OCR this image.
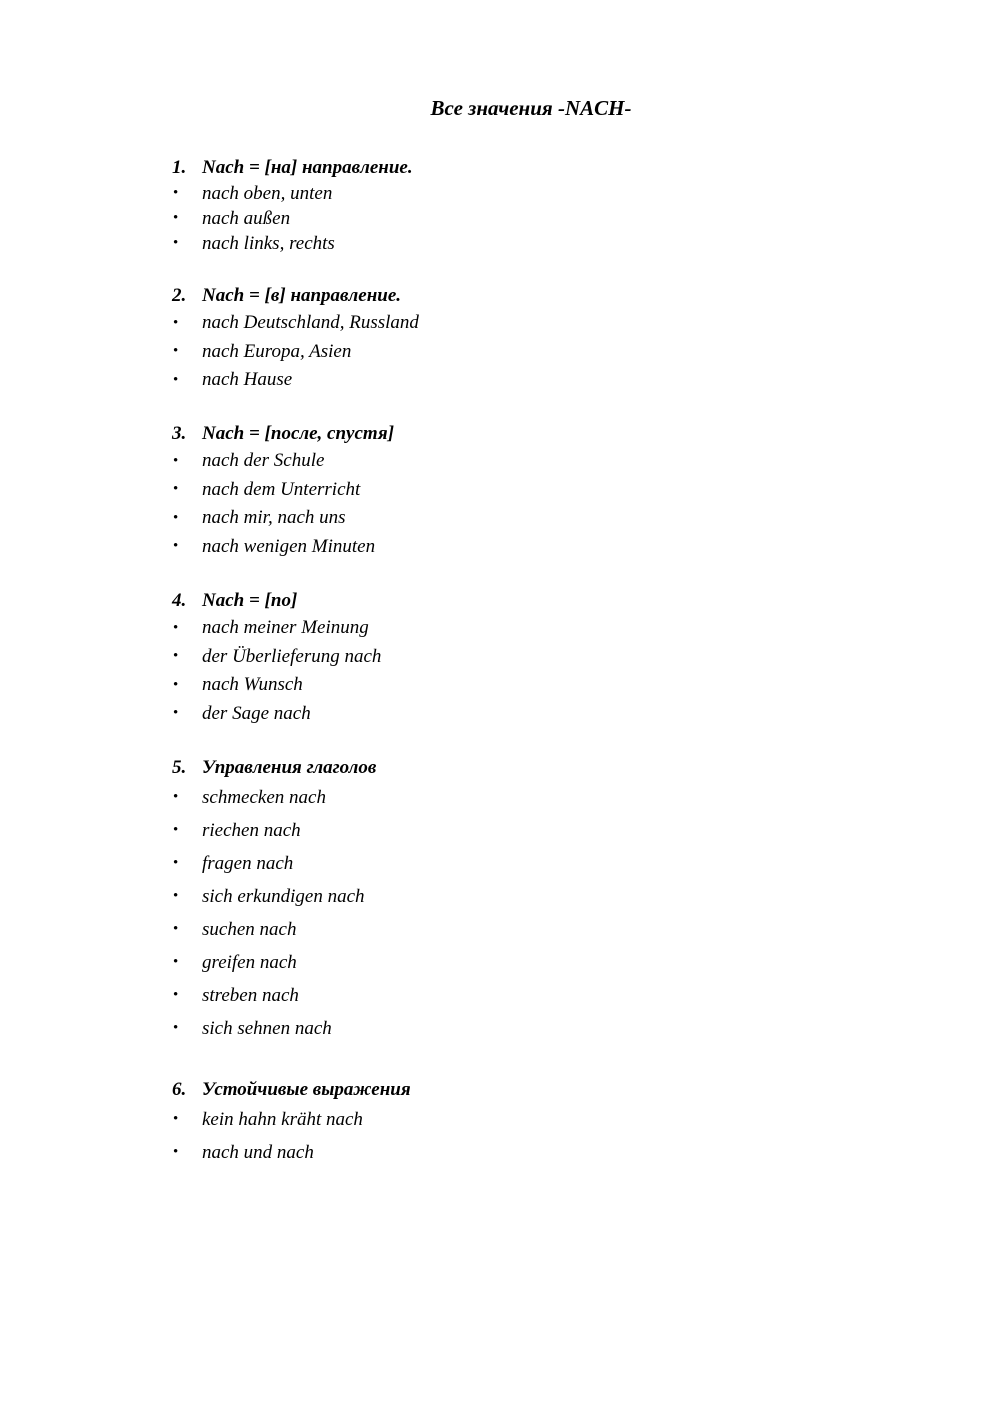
Все значения -NACH-
1. Nach = [на] направление.
•	nach oben, unten
•	nach außen
•	nach links, rechts
2. Nach = [в] направление.
•	nach Deutschland, Russland
•	nach Europa, Asien
•	nach Hause
3. Nach = [после, спустя]
•	nach der Schule
•	nach dem Unterricht
•	nach mir, nach uns
•	nach wenigen Minuten
4. Nach = [по]
•	nach meiner Meinung
•	der Überlieferung nach
•	nach Wunsch
•	der Sage nach
5. Управления глаголов
•	schmecken nach
•	riechen nach
•	fragen nach
•	sich erkundigen nach
•	suchen nach
•	greifen nach
•	streben nach
•	sich sehnen nach
6. Устойчивые выражения
•	kein hahn kräht nach
•	nach und nach
